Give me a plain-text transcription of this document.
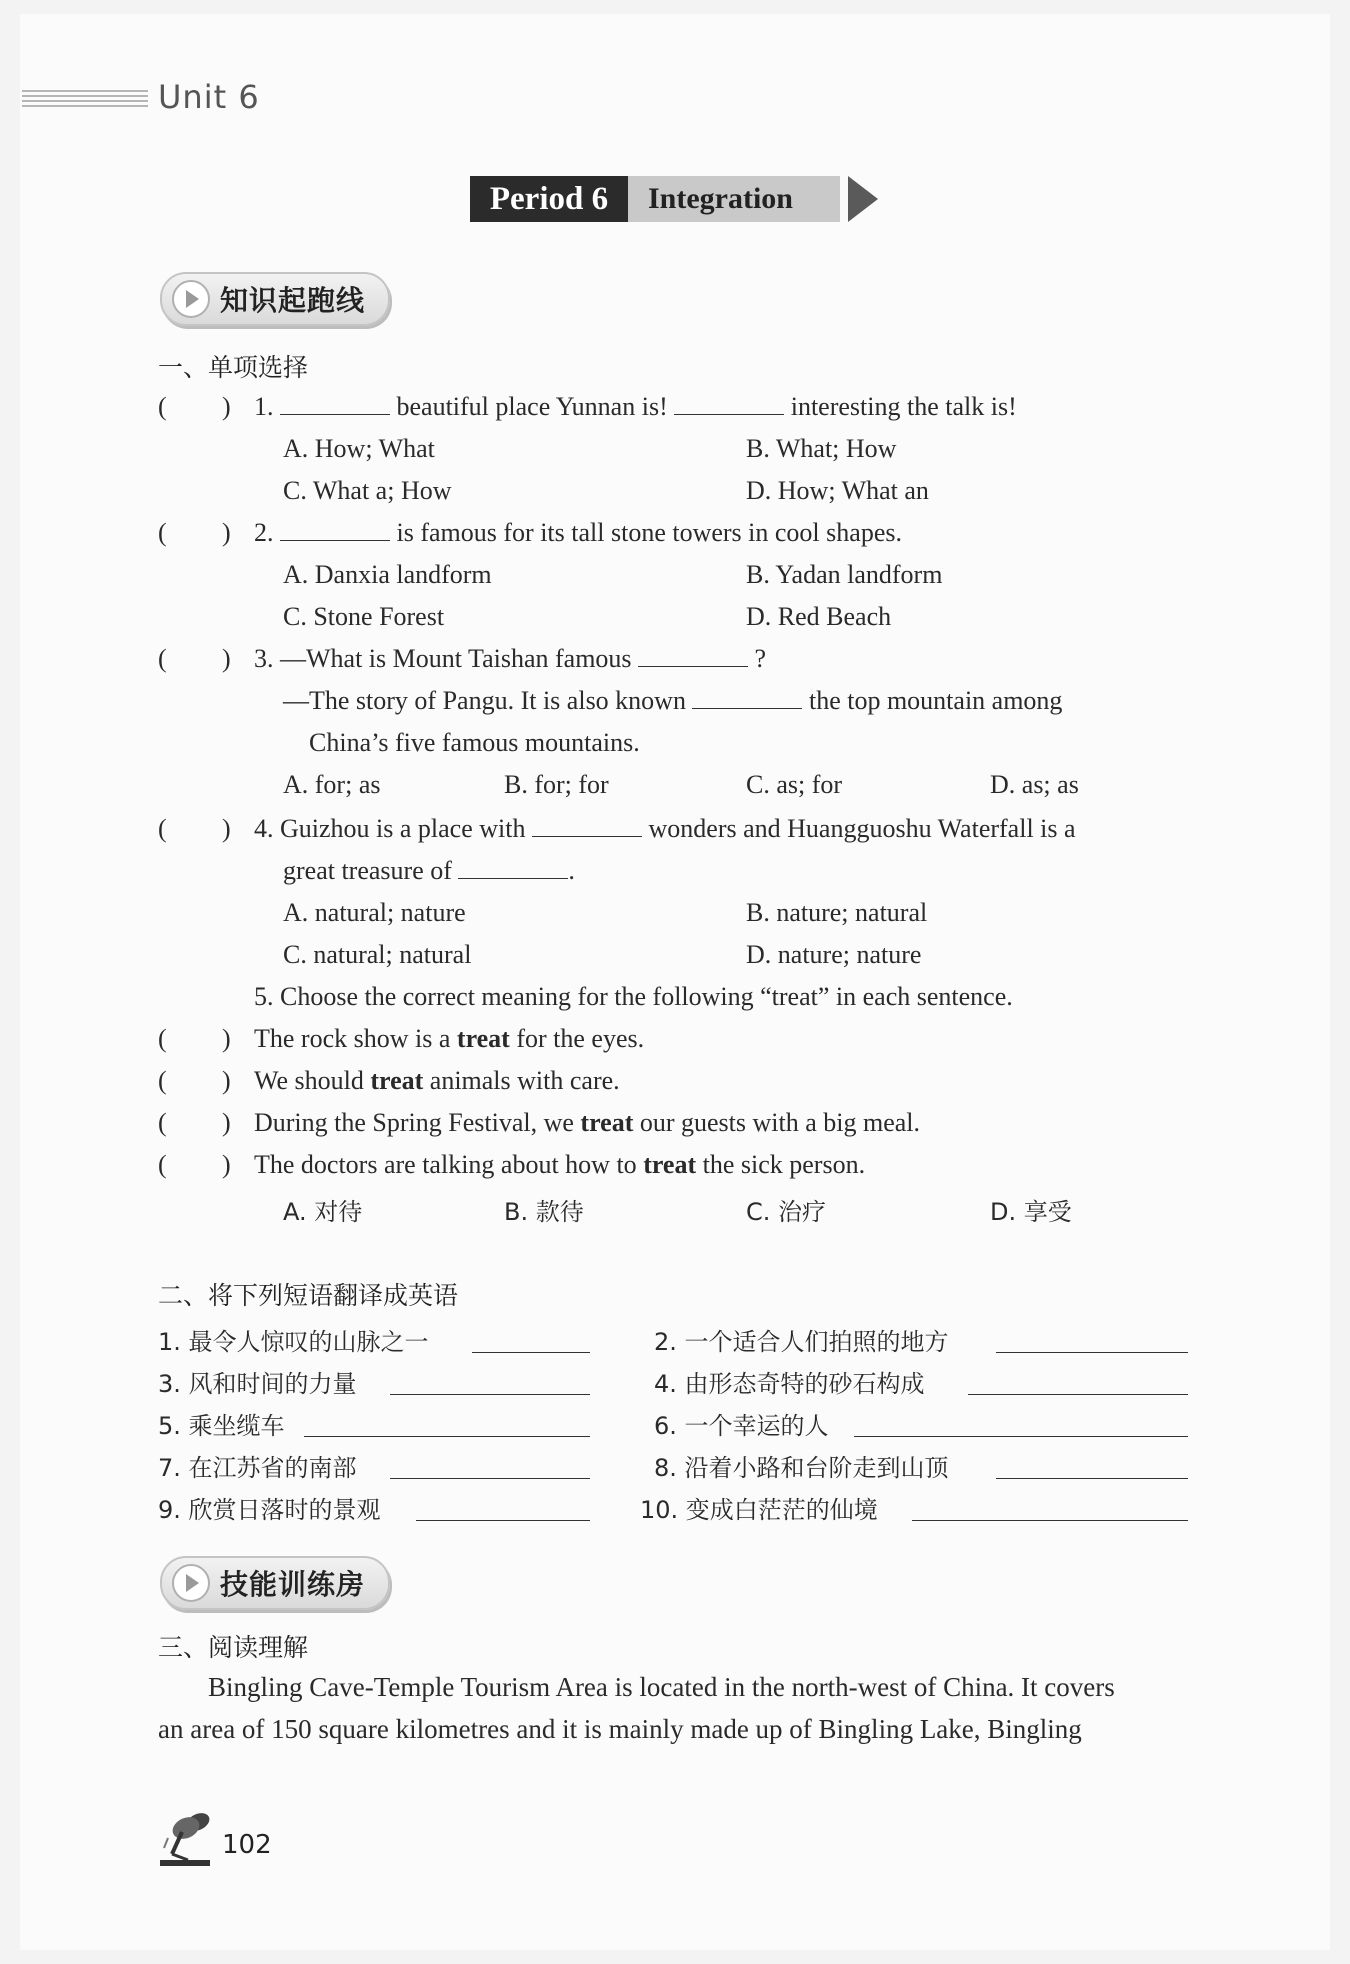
Unit 6
Period 6	Integration
知识起跑线
一、单项选择
( ) 1.	beautiful place Yunnan is!	interesting the talk is!
A. How; What	B. What; How
C. What a; How	D. How; What an
( ) 2.	is famous for its tall stone towers in cool shapes.
A. Danxia landform	B. Yadan landform
C. Stone Forest	D. Red Beach
( ) 3. —What is Mount Taishan famous	?
—The story of Pangu. It is also known	the top mountain among
China’s five famous mountains.
A. for; as	B. for; for	C. as; for	D. as; as
( ) 4. Guizhou is a place with	wonders and Huangguoshu Waterfall is a
great treasure of	.
A. natural; nature	B. nature; natural
C. natural; natural	D. nature; nature
5. Choose the correct meaning for the following “treat” in each sentence.
( ) The rock show is a treat for the eyes.
( ) We should treat animals with care.
( ) During the Spring Festival, we treat our guests with a big meal.
( ) The doctors are talking about how to treat the sick person.
A. 对待	B. 款待	C. 治疗	D. 享受
二、将下列短语翻译成英语
1. 最令人惊叹的山脉之一	2. 一个适合人们拍照的地方
3. 风和时间的力量	4. 由形态奇特的砂石构成
5. 乘坐缆车	6. 一个幸运的人
7. 在江苏省的南部	8. 沿着小路和台阶走到山顶
9. 欣赏日落时的景观	10. 变成白茫茫的仙境
技能训练房
三、阅读理解
Bingling Cave-Temple Tourism Area is located in the north-west of China. It covers
an area of 150 square kilometres and it is mainly made up of Bingling Lake, Bingling
102
